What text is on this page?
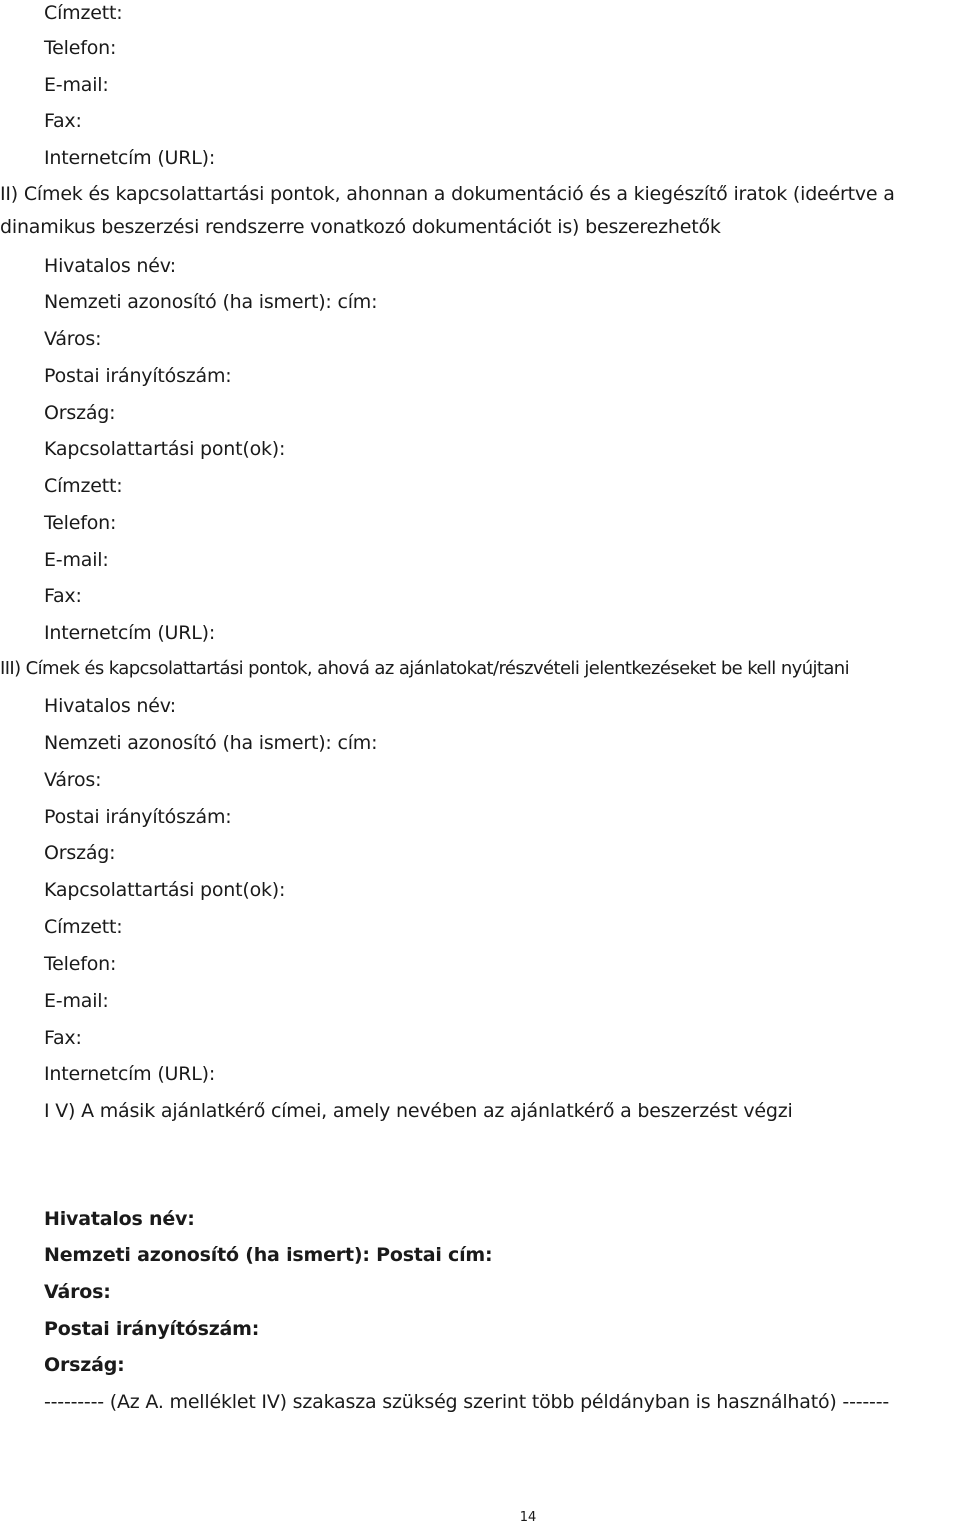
Címzett:
Telefon:
E-mail:
Fax:
Internetcím (URL):
II) Címek és kapcsolattartási pontok, ahonnan a dokumentáció és a kiegészítő iratok (ideértve a
dinamikus beszerzési rendszerre vonatkozó dokumentációt is) beszerezhetők
Hivatalos név:
Nemzeti azonosító (ha ismert): cím:
Város:
Postai irányítószám:
Ország:
Kapcsolattartási pont(ok):
Címzett:
Telefon:
E-mail:
Fax:
Internetcím (URL):
III) Címek és kapcsolattartási pontok, ahová az ajánlatokat/részvételi jelentkezéseket be kell nyújtani
Hivatalos név:
Nemzeti azonosító (ha ismert): cím:
Város:
Postai irányítószám:
Ország:
Kapcsolattartási pont(ok):
Címzett:
Telefon:
E-mail:
Fax:
Internetcím (URL):
I V) A másik ajánlatkérő címei, amely nevében az ajánlatkérő a beszerzést végzi
Hivatalos név:
Nemzeti azonosító (ha ismert): Postai cím:
Város:
Postai irányítószám:
Ország:
--------- (Az A. melléklet IV) szakasza szükség szerint több példányban is használható) -------
14
